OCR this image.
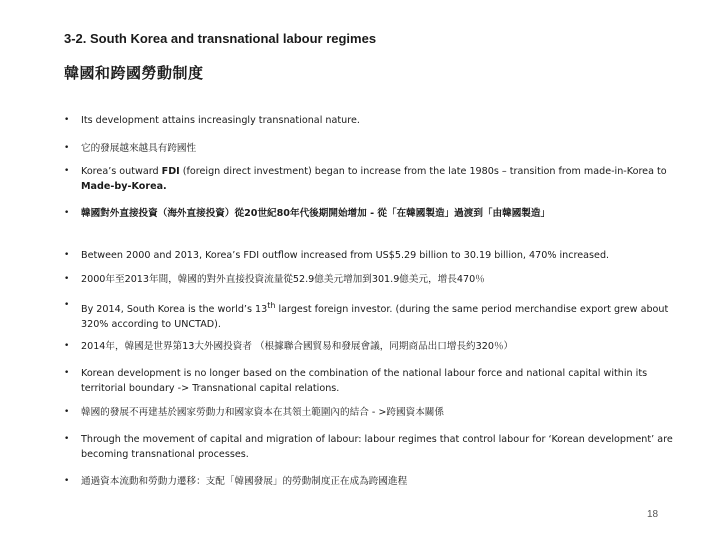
3-2. South Korea and transnational labour regimes
韓國和跨國勞動制度
•	Its development attains increasingly transnational nature.
•	它的發展越來越具有跨國性
•	Korea’s outward FDI (foreign direct investment) began to increase from the late 1980s – transition from made-in-Korea to Made-by-Korea.
•	韓國對外直接投資（海外直接投資）從20世紀80年代後期開始增加 - 從「在韓國製造」過渡到「由韓國製造」
•	Between 2000 and 2013, Korea’s FDI outflow increased from US$5.29 billion to 30.19 billion, 470% increased.
•	2000年至2013年間，韓國的對外直接投資流量從52.9億美元增加到301.9億美元，增長470％
•	By 2014, South Korea is the world’s 13th largest foreign investor. (during the same period merchandise export grew about 320% according to UNCTAD).
•	2014年，韓國是世界第13大外國投資者 （根據聯合國貿易和發展會議，同期商品出口增長約320％）
•	Korean development is no longer based on the combination of the national labour force and national capital within its territorial boundary -> Transnational capital relations.
•	韓國的發展不再建基於國家勞動力和國家資本在其領土範圍內的結合 - >跨國資本關係
•	Through the movement of capital and migration of labour: labour regimes that control labour for ‘Korean development’ are becoming transnational processes.
•	通過資本流動和勞動力遷移：支配「韓國發展」的勞動制度正在成為跨國進程
18
